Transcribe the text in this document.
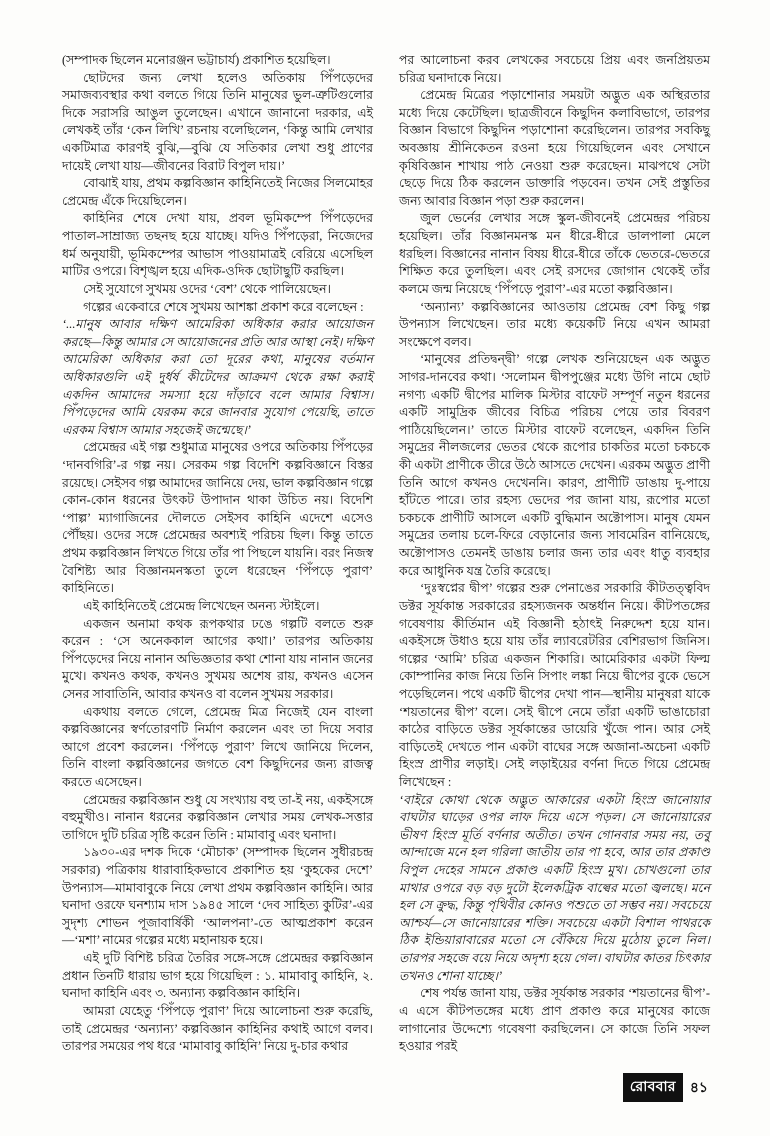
(সম্পাদক ছিলেন মনোরঞ্জন ভট্টাচার্য) প্রকাশিত হয়েছিল।

ছোটদের জন্য লেখা হলেও অতিকায় পিঁপড়েদের সমাজব্যবস্থার কথা বলতে গিয়ে তিনি মানুষের ভুল-ত্রুটিগুলোর দিকে সরাসরি আঙুল তুলেছেন। এখানে জানানো দরকার, এই লেখকই তাঁর ‘কেন লিখি’ রচনায় বলেছিলেন, ‘কিন্তু আমি লেখার একটিমাত্র কারণই বুঝি,—বুঝি যে সতিকার লেখা শুধু প্রাণের দায়েই লেখা যায়—জীবনের বিরাট বিপুল দায়।’

বোঝাই যায়, প্রথম কল্পবিজ্ঞান কাহিনিতেই নিজের সিলমোহর প্রেমেন্দ্র এঁকে দিয়েছিলেন।

কাহিনির শেষে দেখা যায়, প্রবল ভূমিকম্পে পিঁপড়েদের পাতাল-সাম্রাজ্য তছনছ হয়ে যাচ্ছে। যদিও পিঁপড়েরা, নিজেদের ধর্ম অনুযায়ী, ভূমিকম্পের আভাস পাওয়ামাত্রই বেরিয়ে এসেছিল মাটির ওপরে। বিশৃঙ্খল হয়ে এদিক-ওদিক ছোটাছুটি করছিল।

সেই সুযোগে সুখময় ওদের ‘বেশ’ থেকে পালিয়েছেন।

গল্পের একেবারে শেষে সুখময় আশঙ্কা প্রকাশ করে বলেছেন :

‘...মানুষ আবার দক্ষিণ আমেরিকা অধিকার করার আয়োজন করছে—কিন্তু আমার সে আয়োজনের প্রতি আর আস্থা নেই। দক্ষিণ আমেরিকা অধিকার করা তো দূরের কথা, মানুষের বর্তমান অধিকারগুলি এই দুর্ধর্ষ কীটেদের আক্রমণ থেকে রক্ষা করাই একদিন আমাদের সমস্যা হয়ে দাঁড়াবে বলে আমার বিশ্বাস। পিঁপড়েদের আমি যেরকম করে জানবার সুযোগ পেয়েছি, তাতে এরকম বিশ্বাস আমার সহজেই জন্মেছে।’

প্রেমেন্দ্রর এই গল্প শুধুমাত্র মানুষের ওপরে অতিকায় পিঁপড়ের ‘দানবগিরি’-র গল্প নয়। সেরকম গল্প বিদেশি কল্পবিজ্ঞানে বিস্তর রয়েছে। সেইসব গল্প আমাদের জানিয়ে দেয়, ভাল কল্পবিজ্ঞান গল্পে কোন-কোন ধরনের উৎকট উপাদান থাকা উচিত নয়। বিদেশি ‘পাল্প’ ম্যাগাজিনের দৌলতে সেইসব কাহিনি এদেশে এসেও পৌঁছয়। ওদের সঙ্গে প্রেমেন্দ্রর অবশ্যই পরিচয় ছিল। কিন্তু তাতে প্রথম কল্পবিজ্ঞান লিখতে গিয়ে তাঁর পা পিছলে যায়নি। বরং নিজস্ব বৈশিষ্ট্য আর বিজ্ঞানমনস্কতা তুলে ধরেছেন ‘পিঁপড়ে পুরাণ’ কাহিনিতে।

এই কাহিনিতেই প্রেমেন্দ্র লিখেছেন অনন্য স্টাইলে।

একজন অনামা কথক রূপকথার ঢঙে গল্পটি বলতে শুরু করেন : ‘সে অনেককাল আগের কথা।’ তারপর অতিকায় পিঁপড়েদের নিয়ে নানান অভিজ্ঞতার কথা শোনা যায় নানান জনের মুখে। কখনও কথক, কখনও সুখময় অশেষ রায়, কখনও এসেন সেনর সাবাতিনি, আবার কখনও বা বলেন সুখময় সরকার।

একথায় বলতে গেলে, প্রেমেন্দ্র মিত্র নিজেই যেন বাংলা কল্পবিজ্ঞানের স্বর্ণতোরণটি নির্মাণ করলেন এবং তা দিয়ে সবার আগে প্রবেশ করলেন। ‘পিঁপড়ে পুরাণ’ লিখে জানিয়ে দিলেন, তিনি বাংলা কল্পবিজ্ঞানের জগতে বেশ কিছুদিনের জন্য রাজত্ব করতে এসেছেন।

প্রেমেন্দ্রর কল্পবিজ্ঞান শুধু যে সংখ্যায় বহু তা-ই নয়, একইসঙ্গে বহুমুখীও। নানান ধরনের কল্পবিজ্ঞান লেখার সময় লেখক-সত্তার তাগিদে দুটি চরিত্র সৃষ্টি করেন তিনি : মামাবাবু এবং ঘনাদা।

১৯৩০-এর দশক দিকে ‘মৌচাক’ (সম্পাদক ছিলেন সুধীরচন্দ্র সরকার) পত্রিকায় ধারাবাহিকভাবে প্রকাশিত হয় ‘কুহকের দেশে’ উপন্যাস—মামাবাবুকে নিয়ে লেখা প্রথম কল্পবিজ্ঞান কাহিনি। আর ঘনাদা ওরফে ঘনশ্যাম দাস ১৯৪৫ সালে ‘দেব সাহিত্য কুটির’-এর সুদৃশ্য শোভন পূজাবার্ষিকী ‘আলপনা’-তে আত্মপ্রকাশ করেন—‘মশা’ নামের গল্পের মধ্যে মহানায়ক হয়ে।

এই দুটি বিশিষ্ট চরিত্র তৈরির সঙ্গে-সঙ্গে প্রেমেন্দ্রর কল্পবিজ্ঞান প্রধান তিনটি ধারায় ভাগ হয়ে গিয়েছিল : ১. মামাবাবু কাহিনি, ২. ঘনাদা কাহিনি এবং ৩. অন্যান্য কল্পবিজ্ঞান কাহিনি।

আমরা যেহেতু ‘পিঁপড়ে পুরাণ’ দিয়ে আলোচনা শুরু করেছি, তাই প্রেমেন্দ্রর ‘অন্যান্য’ কল্পবিজ্ঞান কাহিনির কথাই আগে বলব। তারপর সময়ের পথ ধরে ‘মামাবাবু কাহিনি’ নিয়ে দু-চার কথার

পর আলোচনা করব লেখকের সবচেয়ে প্রিয় এবং জনপ্রিয়তম চরিত্র ঘনাদাকে নিয়ে।

প্রেমেন্দ্র মিত্রের পড়াশোনার সময়টা অদ্ভুত এক অস্থিরতার মধ্যে দিয়ে কেটেছিল। ছাত্রজীবনে কিছুদিন কলাবিভাগে, তারপর বিজ্ঞান বিভাগে কিছুদিন পড়াশোনা করেছিলেন। তারপর সবকিছু অবজ্ঞায় শ্রীনিকেতন রওনা হয়ে গিয়েছিলেন এবং সেখানে কৃষিবিজ্ঞান শাখায় পাঠ নেওয়া শুরু করেছেন। মাঝপথে সেটা ছেড়ে দিয়ে ঠিক করলেন ডাক্তারি পড়বেন। তখন সেই প্রস্তুতির জন্য আবার বিজ্ঞান পড়া শুরু করলেন।

জুল ভের্নের লেখার সঙ্গে স্কুল-জীবনেই প্রেমেন্দ্রর পরিচয় হয়েছিল। তাঁর বিজ্ঞানমনস্ক মন ধীরে-ধীরে ডালপালা মেলে ধরছিল। বিজ্ঞানের নানান বিষয় ধীরে-ধীরে তাঁকে ভেতরে-ভেতরে শিক্ষিত করে তুলছিল। এবং সেই রসদের জোগান থেকেই তাঁর কলমে জন্ম নিয়েছে ‘পিঁপড়ে পুরাণ’-এর মতো কল্পবিজ্ঞান।

‘অন্যান্য’ কল্পবিজ্ঞানের আওতায় প্রেমেন্দ্র বেশ কিছু গল্প উপন্যাস লিখেছেন। তার মধ্যে কয়েকটি নিয়ে এখন আমরা সংক্ষেপে বলব।

‘মানুষের প্রতিদ্বন্দ্বী’ গল্পে লেখক শুনিয়েছেন এক অদ্ভুত সাগর-দানবের কথা। ‘সলোমন দ্বীপপুঞ্জের মধ্যে উগি নামে ছোট নগণ্য একটি দ্বীপের মালিক মিস্টার বাফেট সম্পূর্ণ নতুন ধরনের একটি সামুদ্রিক জীবের বিচিত্র পরিচয় পেয়ে তার বিবরণ পাঠিয়েছিলেন।’ তাতে মিস্টার বাফেট বলেছেন, একদিন তিনি সমুদ্রের নীলজলের ভেতর থেকে রূপোর চাকতির মতো চকচকে কী একটা প্রাণীকে তীরে উঠে আসতে দেখেন। এরকম অদ্ভুত প্রাণী তিনি আগে কখনও দেখেননি। কারণ, প্রাণীটি ডাঙায় দু-পায়ে হাঁটতে পারে। তার রহস্য ভেদের পর জানা যায়, রূপোর মতো চকচকে প্রাণীটি আসলে একটি বুদ্ধিমান অক্টোপাস। মানুষ যেমন সমুদ্রের তলায় চলে-ফিরে বেড়ানোর জন্য সাবমেরিন বানিয়েছে, অক্টোপাসও তেমনই ডাঙায় চলার জন্য তার এবং ধাতু ব্যবহার করে আধুনিক যন্ত্র তৈরি করেছে।

‘দুঃস্বপ্নের দ্বীপ’ গল্পের শুরু পেনাঙের সরকারি কীটতত্ত্ববিদ ডক্টর সূর্যকান্ত সরকারের রহস্যজনক অন্তর্ধান নিয়ে। কীটপতঙ্গের গবেষণায় কীর্তিমান এই বিজ্ঞানী হঠাৎই নিরুদ্দেশ হয়ে যান। একইসঙ্গে উধাও হয়ে যায় তাঁর ল্যাবরেটরির বেশিরভাগ জিনিস। গল্পের ‘আমি’ চরিত্র একজন শিকারি। আমেরিকার একটা ফিল্ম কোম্পানির কাজ নিয়ে তিনি সিপাং লঙ্কা নিয়ে দ্বীপের বুকে ভেসে পড়েছিলেন। পথে একটি দ্বীপের দেখা পান—স্থানীয় মানুষরা যাকে ‘শয়তানের দ্বীপ’ বলে। সেই দ্বীপে নেমে তাঁরা একটি ভাঙাচোরা কাঠের বাড়িতে ডক্টর সূর্যকান্তের ডায়েরি খুঁজে পান। আর সেই বাড়িতেই দেখতে পান একটা বাঘের সঙ্গে অজানা-অচেনা একটি হিংস্র প্রাণীর লড়াই। সেই লড়াইয়ের বর্ণনা দিতে গিয়ে প্রেমেন্দ্র লিখেছেন :

‘বাইরে কোথা থেকে অদ্ভুত আকারের একটা হিংস্র জানোয়ার বাঘটার ঘাড়ের ওপর লাফ দিয়ে এসে পড়ল। সে জানোয়ারের ভীষণ হিংস্র মূর্তি বর্ণনার অতীত। তখন গোনবার সময় নয়, তবু আন্দাজে মনে হল গরিলা জাতীয় তার পা হবে, আর তার প্রকাণ্ড বিপুল দেহের সামনে প্রকাণ্ড একটি হিংস্র মুখ। চোখগুলো তার মাথার ওপরে বড় বড় দুটো ইলেকট্রিক বাল্বের মতো জ্বলছে। মনে হল সে ক্রুদ্ধ, কিন্তু পৃথিবীর কোনও পশুতে তা সম্ভব নয়। সবচেয়ে আশ্চর্য—সে জানোয়ারের শক্তি। সবচেয়ে একটা বিশাল পাথরকে ঠিক ইন্ডিয়ারাবারের মতো সে বেঁকিয়ে দিয়ে মুঠোয় তুলে নিল। তারপর সহজে বয়ে নিয়ে অদৃশ্য হয়ে গেল। বাঘটার কাতর চিৎকার তখনও শোনা যাচ্ছে।’

শেষ পর্যন্ত জানা যায়, ডক্টর সূর্যকান্ত সরকার ‘শয়তানের দ্বীপ’-এ এসে কীটপতঙ্গের মধ্যে প্রাণ প্রকাণ্ড করে মানুষের কাজে লাগানোর উদ্দেশ্যে গবেষণা করছিলেন। সে কাজে তিনি সফল হওয়ার পরই

রোববার	৪১
